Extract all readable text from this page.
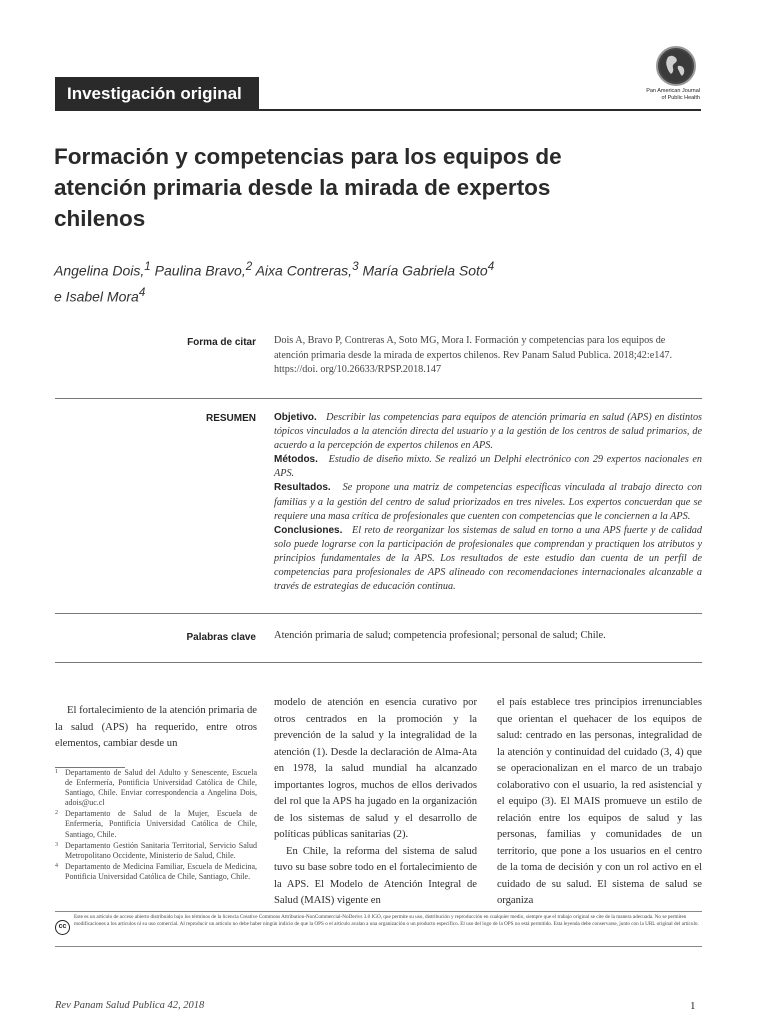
Investigación original	Pan American Journal
of Public Health
Formación y competencias para los equipos de atención primaria desde la mirada de expertos chilenos
Angelina Dois,$^1$ Paulina Bravo,$^2$ Aixa Contreras,$^3$ María Gabriela Soto$^4$
e Isabel Mora$^4$
Forma de citar Dois A, Bravo P, Contreras A, Soto MG, Mora I. Formación y competencias para los equipos de atención primaria desde la mirada de expertos chilenos. Rev Panam Salud Publica. 2018;42:e147. https://doi. org/10.26633/RPSP.2018.147
RESUMEN Objetivo. Describir las competencias para equipos de atención primaria en salud (APS) en distintos tópicos vinculados a la atención directa del usuario y a la gestión de los centros de salud primarios, de acuerdo a la percepción de expertos chilenos en APS.

Métodos. Estudio de diseño mixto. Se realizó un Delphi electrónico con 29 expertos nacionales en APS.

Resultados. Se propone una matriz de competencias específicas vinculada al trabajo directo con familias y a la gestión del centro de salud priorizados en tres niveles. Los expertos concuerdan que se requiere una masa crítica de profesionales que cuenten con competencias que le conciernen a la APS.

Conclusiones. El reto de reorganizar los sistemas de salud en torno a una APS fuerte y de calidad solo puede lograrse con la participación de profesionales que comprendan y practiquen los atributos y principios fundamentales de la APS. Los resultados de este estudio dan cuenta de un perfil de competencias para profesionales de APS alineado con recomendaciones internacionales alcanzable a través de estrategias de educación continua.

Palabras clave Atención primaria de salud; competencia profesional; personal de salud; Chile.

El fortalecimiento de la atención primaria de la salud (APS) ha requerido, entre otros elementos, cambiar desde un

modelo de atención en esencia curativo por otros centrados en la promoción y la prevención de la salud y la integralidad de la atención (1). Desde la declaración de Alma-Ata en 1978, la salud mundial ha alcanzado importantes logros, muchos de ellos derivados del rol que la APS ha jugado en la organización de los sistemas de salud y el desarrollo de políticas públicas sanitarias (2).

En Chile, la reforma del sistema de salud tuvo su base sobre todo en el fortalecimiento de la APS. El Modelo de Atención Integral de Salud (MAIS) vigente en

el país establece tres principios irrenunciables que orientan el quehacer de los equipos de salud: centrado en las personas, integralidad de la atención y continuidad del cuidado (3, 4) que se operacionalizan en el marco de un trabajo colaborativo con el usuario, la red asistencial y el equipo (3). El MAIS promueve un estilo de relación entre los equipos de salud y las personas, familias y comunidades de un territorio, que pone a los usuarios en el centro de la toma de decisión y con un rol activo en el cuidado de su salud. El sistema de salud se organiza

1 Departamento de Salud del Adulto y Senescente, Escuela de Enfermería, Pontificia Universidad Católica de Chile, Santiago, Chile. Enviar correspondencia a Angelina Dois, adois@uc.cl
2 Departamento de Salud de la Mujer, Escuela de Enfermería, Pontificia Universidad Católica de Chile, Santiago, Chile.
3 Departamento Gestión Sanitaria Territorial, Servicio Salud Metropolitano Occidente, Ministerio de Salud, Chile.
4 Departamento de Medicina Familiar, Escuela de Medicina, Pontificia Universidad Católica de Chile, Santiago, Chile.
cc
Este es un artículo de acceso abierto distribuido bajo los términos de la licencia Creative Commons Attribution-NonCommercial-NoDerivs 3.0 IGO, que permite su uso, distribución y reproducción en cualquier medio, siempre que el trabajo original se cite de la manera adecuada. No se permiten modificaciones a los artículos ni su uso comercial. Al reproducir un artículo no debe haber ningún indicio de que la OPS o el artículo avalan a una organización o un producto específico. El uso del logo de la OPS no está permitido. Esta leyenda debe conservarse, junto con la URL original del artículo.
Rev Panam Salud Publica 42, 2018	1
